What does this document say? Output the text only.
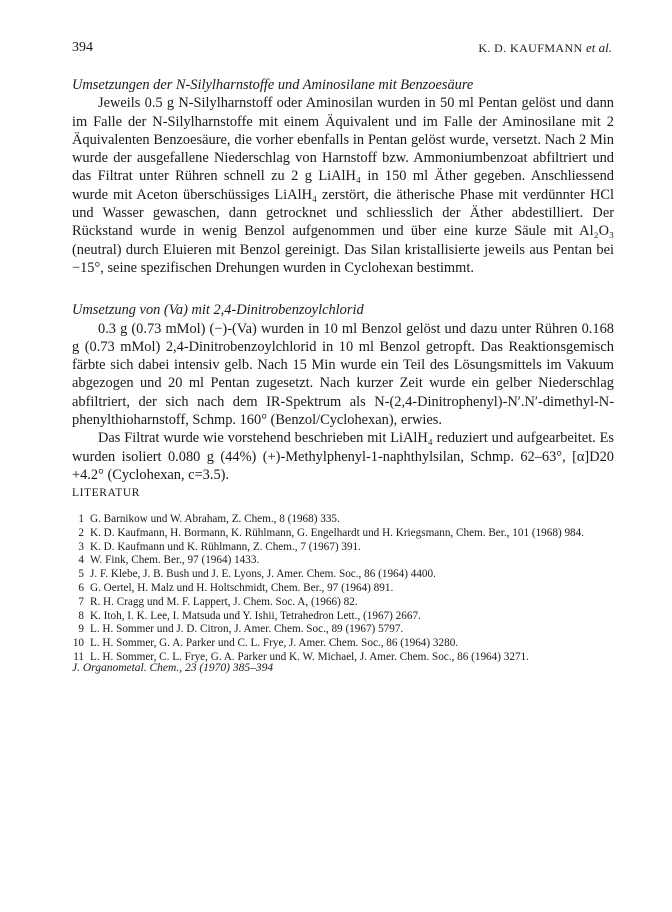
394	K. D. KAUFMANN et al.

Umsetzungen der N-Silylharnstoffe und Aminosilane mit Benzoesäure

Jeweils 0.5 g N-Silylharnstoff oder Aminosilan wurden in 50 ml Pentan gelöst und dann im Falle der N-Silylharnstoffe mit einem Äquivalent und im Falle der Aminosilane mit 2 Äquivalenten Benzoesäure, die vorher ebenfalls in Pentan gelöst wurde, versetzt. Nach 2 Min wurde der ausgefallene Niederschlag von Harnstoff bzw. Ammoniumbenzoat abfiltriert und das Filtrat unter Rühren schnell zu 2 g LiAlH₄ in 150 ml Äther gegeben. Anschliessend wurde mit Aceton überschüssiges LiAlH₄ zerstört, die ätherische Phase mit verdünnter HCl und Wasser gewaschen, dann getrocknet und schliesslich der Äther abdestilliert. Der Rückstand wurde in wenig Benzol aufgenommen und über eine kurze Säule mit Al₂O₃ (neutral) durch Eluieren mit Benzol gereinigt. Das Silan kristallisierte jeweils aus Pentan bei −15°, seine spezifischen Drehungen wurden in Cyclohexan bestimmt.

Umsetzung von (Va) mit 2,4-Dinitrobenzoylchlorid

0.3 g (0.73 mMol) (−)-(Va) wurden in 10 ml Benzol gelöst und dazu unter Rühren 0.168 g (0.73 mMol) 2,4-Dinitrobenzoylchlorid in 10 ml Benzol getropft. Das Reaktionsgemisch färbte sich dabei intensiv gelb. Nach 15 Min wurde ein Teil des Lösungsmittels im Vakuum abgezogen und 20 ml Pentan zugesetzt. Nach kurzer Zeit wurde ein gelber Niederschlag abfiltriert, der sich nach dem IR-Spektrum als N-(2,4-Dinitrophenyl)-N′.N′-dimethyl-N-phenylthioharnstoff, Schmp. 160° (Benzol/Cyclohexan), erwies.

Das Filtrat wurde wie vorstehend beschrieben mit LiAlH₄ reduziert und aufgearbeitet. Es wurden isoliert 0.080 g (44%) (+)-Methylphenyl-1-naphthylsilan, Schmp. 62–63°, [α]D20 +4.2° (Cyclohexan, c=3.5).

LITERATUR
1 G. Barnikow und W. Abraham, Z. Chem., 8 (1968) 335.
2 K. D. Kaufmann, H. Bormann, K. Rühlmann, G. Engelhardt und H. Kriegsmann, Chem. Ber., 101 (1968) 984.
3 K. D. Kaufmann und K. Rühlmann, Z. Chem., 7 (1967) 391.
4 W. Fink, Chem. Ber., 97 (1964) 1433.
5 J. F. Klebe, J. B. Bush und J. E. Lyons, J. Amer. Chem. Soc., 86 (1964) 4400.
6 G. Oertel, H. Malz und H. Holtschmidt, Chem. Ber., 97 (1964) 891.
7 R. H. Cragg und M. F. Lappert, J. Chem. Soc. A, (1966) 82.
8 K. Itoh, I. K. Lee, I. Matsuda und Y. Ishii, Tetrahedron Lett., (1967) 2667.
9 L. H. Sommer und J. D. Citron, J. Amer. Chem. Soc., 89 (1967) 5797.
10 L. H. Sommer, G. A. Parker und C. L. Frye, J. Amer. Chem. Soc., 86 (1964) 3280.
11 L. H. Sommer, C. L. Frye, G. A. Parker und K. W. Michael, J. Amer. Chem. Soc., 86 (1964) 3271.
J. Organometal. Chem., 23 (1970) 385–394
